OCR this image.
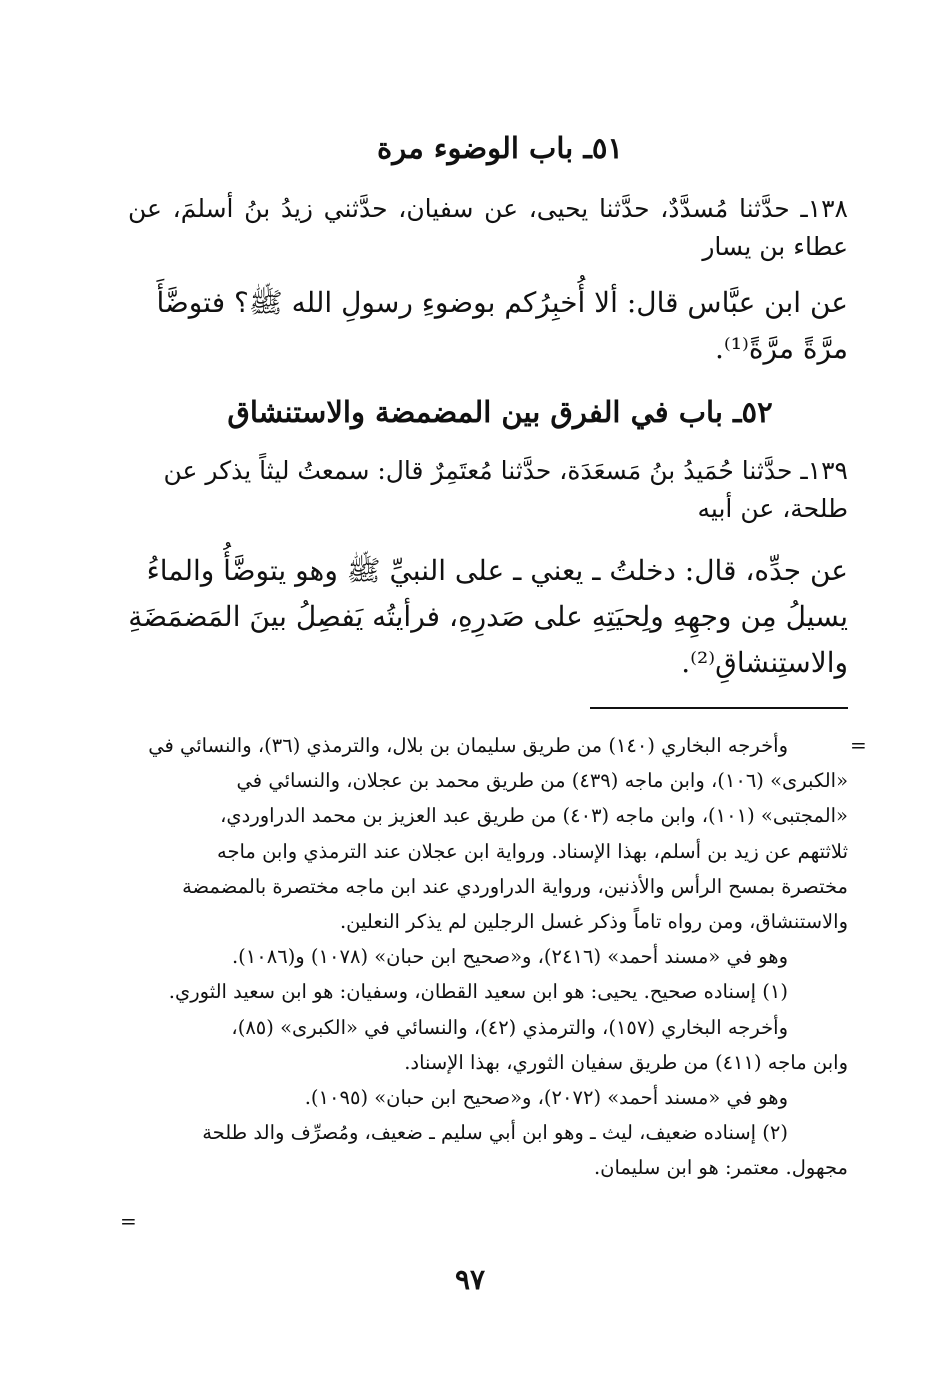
٥١ـ باب الوضوء مرة
١٣٨ـ حدَّثنا مُسدَّدٌ، حدَّثنا يحيى، عن سفيان، حدَّثني زيدُ بنُ أسلمَ، عن
عطاء بن يسار
عن ابن عبَّاس قال: ألا أُخبِرُكم بوضوءِ رسولِ الله ﷺ؟ فتوضَّأَ
مرَّةً مرَّةً⁽¹⁾.
٥٢ـ باب في الفرق بين المضمضة والاستنشاق
١٣٩ـ حدَّثنا حُمَيدُ بنُ مَسعَدَة، حدَّثنا مُعتَمِرٌ قال: سمعتُ ليثاً يذكر عن
طلحة، عن أبيه
عن جدِّه، قال: دخلتُ ـ يعني ـ على النبيِّ ﷺ وهو يتوضَّأُ والماءُ
يسيلُ مِن وجهِهِ ولِحيَتِهِ على صَدرِهِ، فرأيتُه يَفصِلُ بينَ المَضمَضَةِ
والاستِنشاقِ⁽²⁾.
=
وأخرجه البخاري (١٤٠) من طريق سليمان بن بلال، والترمذي (٣٦)، والنسائي في
«الكبرى» (١٠٦)، وابن ماجه (٤٣٩) من طريق محمد بن عجلان، والنسائي في
«المجتبى» (١٠١)، وابن ماجه (٤٠٣) من طريق عبد العزيز بن محمد الدراوردي،
ثلاثتهم عن زيد بن أسلم، بهذا الإسناد. ورواية ابن عجلان عند الترمذي وابن ماجه
مختصرة بمسح الرأس والأذنين، ورواية الدراوردي عند ابن ماجه مختصرة بالمضمضة
والاستنشاق، ومن رواه تاماً وذكر غسل الرجلين لم يذكر النعلين.
وهو في «مسند أحمد» (٢٤١٦)، و«صحيح ابن حبان» (١٠٧٨) و(١٠٨٦).
(١) إسناده صحيح. يحيى: هو ابن سعيد القطان، وسفيان: هو ابن سعيد الثوري.
وأخرجه البخاري (١٥٧)، والترمذي (٤٢)، والنسائي في «الكبرى» (٨٥)،
وابن ماجه (٤١١) من طريق سفيان الثوري، بهذا الإسناد.
وهو في «مسند أحمد» (٢٠٧٢)، و«صحيح ابن حبان» (١٠٩٥).
(٢) إسناده ضعيف، ليث ـ وهو ابن أبي سليم ـ ضعيف، ومُصرِّف والد طلحة
مجهول. معتمر: هو ابن سليمان.
=
٩٧
